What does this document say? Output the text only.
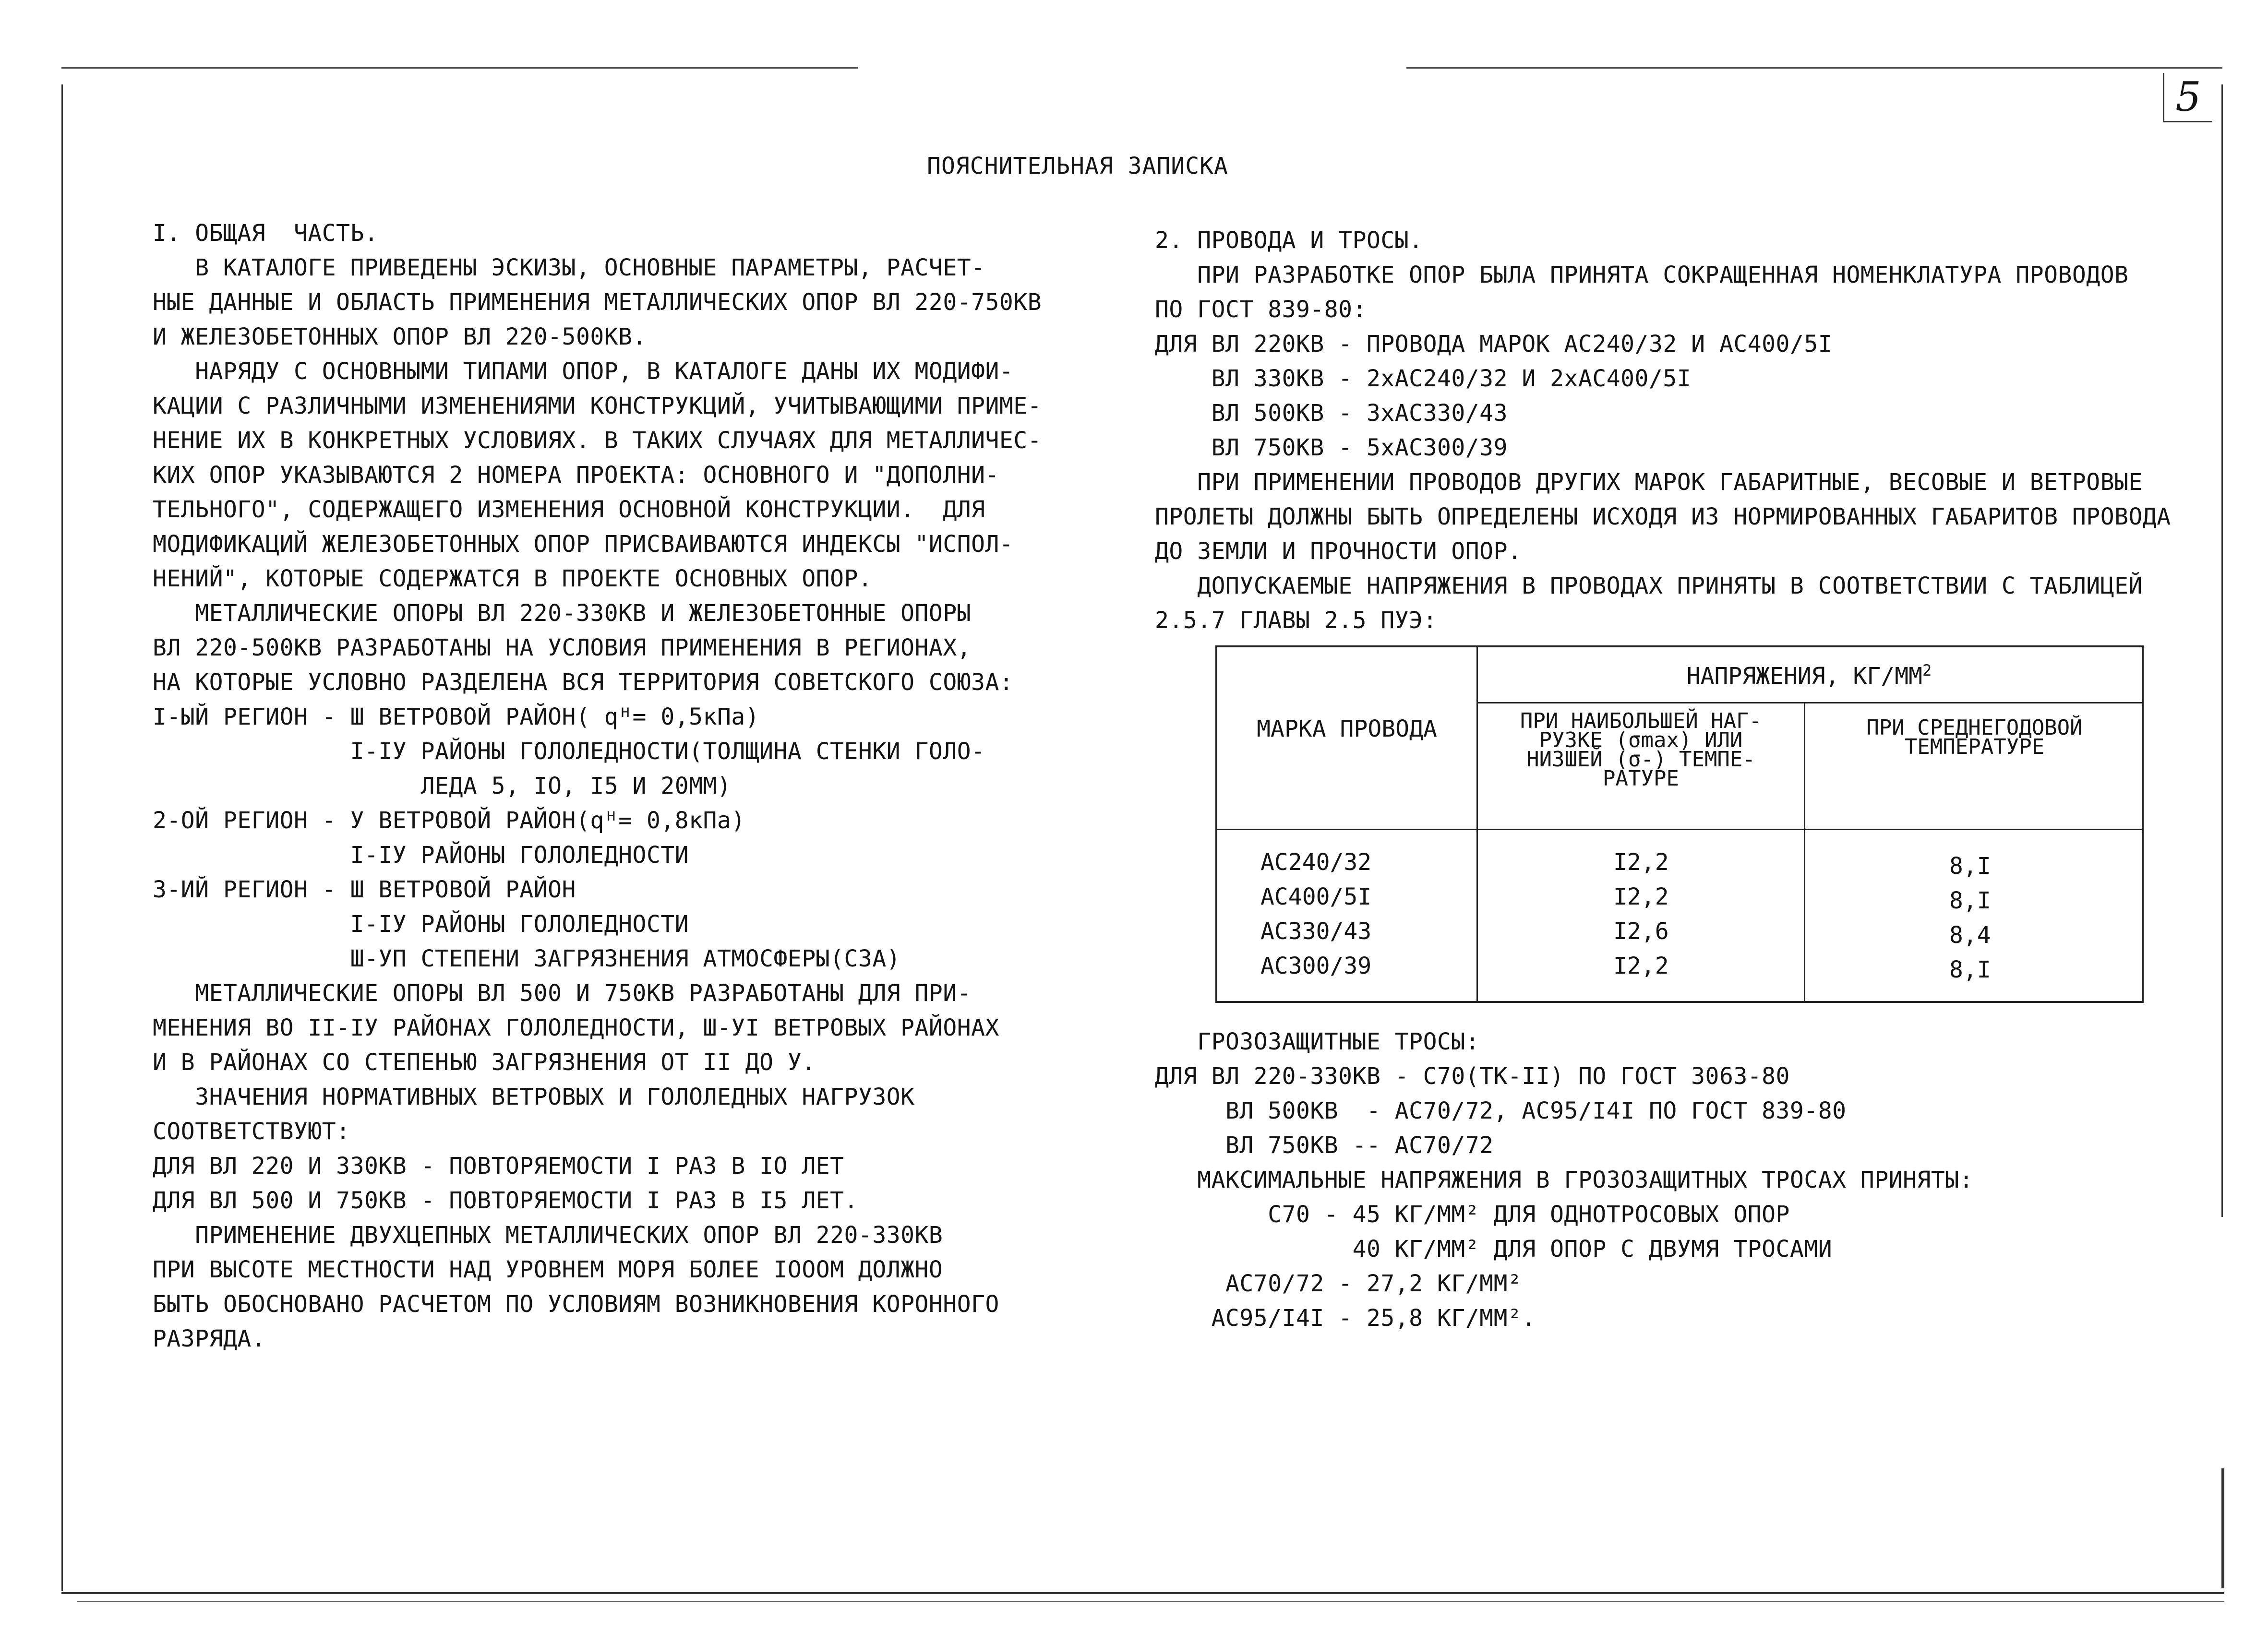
5
ПОЯСНИТЕЛЬНАЯ ЗАПИСКА
I. ОБЩАЯ  ЧАСТЬ.
В КАТАЛОГЕ ПРИВЕДЕНЫ ЭСКИЗЫ, ОСНОВНЫЕ ПАРАМЕТРЫ, РАСЧЕТ-
НЫЕ ДАННЫЕ И ОБЛАСТЬ ПРИМЕНЕНИЯ МЕТАЛЛИЧЕСКИХ ОПОР ВЛ 220-750КВ
И ЖЕЛЕЗОБЕТОННЫХ ОПОР ВЛ 220-500КВ.
НАРЯДУ С ОСНОВНЫМИ ТИПАМИ ОПОР, В КАТАЛОГЕ ДАНЫ ИХ МОДИФИ-
КАЦИИ С РАЗЛИЧНЫМИ ИЗМЕНЕНИЯМИ КОНСТРУКЦИЙ, УЧИТЫВАЮЩИМИ ПРИМЕ-
НЕНИЕ ИХ В КОНКРЕТНЫХ УСЛОВИЯХ. В ТАКИХ СЛУЧАЯХ ДЛЯ МЕТАЛЛИЧЕС-
КИХ ОПОР УКАЗЫВАЮТСЯ 2 НОМЕРА ПРОЕКТА: ОСНОВНОГО И "ДОПОЛНИ-
ТЕЛЬНОГО", СОДЕРЖАЩЕГО ИЗМЕНЕНИЯ ОСНОВНОЙ КОНСТРУКЦИИ.  ДЛЯ
МОДИФИКАЦИЙ ЖЕЛЕЗОБЕТОННЫХ ОПОР ПРИСВАИВАЮТСЯ ИНДЕКСЫ "ИСПОЛ-
НЕНИЙ", КОТОРЫЕ СОДЕРЖАТСЯ В ПРОЕКТЕ ОСНОВНЫХ ОПОР.
МЕТАЛЛИЧЕСКИЕ ОПОРЫ ВЛ 220-330КВ И ЖЕЛЕЗОБЕТОННЫЕ ОПОРЫ
ВЛ 220-500КВ РАЗРАБОТАНЫ НА УСЛОВИЯ ПРИМЕНЕНИЯ В РЕГИОНАХ,
НА КОТОРЫЕ УСЛОВНО РАЗДЕЛЕНА ВСЯ ТЕРРИТОРИЯ СОВЕТСКОГО СОЮЗА:
I-ЫЙ РЕГИОН - Ш ВЕТРОВОЙ РАЙОН( qᴴ= 0,5кПа)
I-IУ РАЙОНЫ ГОЛОЛЕДНОСТИ(ТОЛЩИНА СТЕНКИ ГОЛО-
ЛЕДА 5, IO, I5 И 20ММ)
2-ОЙ РЕГИОН - У ВЕТРОВОЙ РАЙОН(qᴴ= 0,8кПа)
I-IУ РАЙОНЫ ГОЛОЛЕДНОСТИ
3-ИЙ РЕГИОН - Ш ВЕТРОВОЙ РАЙОН
I-IУ РАЙОНЫ ГОЛОЛЕДНОСТИ
Ш-УП СТЕПЕНИ ЗАГРЯЗНЕНИЯ АТМОСФЕРЫ(СЗА)
МЕТАЛЛИЧЕСКИЕ ОПОРЫ ВЛ 500 И 750КВ РАЗРАБОТАНЫ ДЛЯ ПРИ-
МЕНЕНИЯ ВО II-IУ РАЙОНАХ ГОЛОЛЕДНОСТИ, Ш-УI ВЕТРОВЫХ РАЙОНАХ
И В РАЙОНАХ СО СТЕПЕНЬЮ ЗАГРЯЗНЕНИЯ ОТ II ДО У.
ЗНАЧЕНИЯ НОРМАТИВНЫХ ВЕТРОВЫХ И ГОЛОЛЕДНЫХ НАГРУЗОК
СООТВЕТСТВУЮТ:
ДЛЯ ВЛ 220 И 330КВ - ПОВТОРЯЕМОСТИ I РАЗ В IO ЛЕТ
ДЛЯ ВЛ 500 И 750КВ - ПОВТОРЯЕМОСТИ I РАЗ В I5 ЛЕТ.
ПРИМЕНЕНИЕ ДВУХЦЕПНЫХ МЕТАЛЛИЧЕСКИХ ОПОР ВЛ 220-330КВ
ПРИ ВЫСОТЕ МЕСТНОСТИ НАД УРОВНЕМ МОРЯ БОЛЕЕ IOOOМ ДОЛЖНО
БЫТЬ ОБОСНОВАНО РАСЧЕТОМ ПО УСЛОВИЯМ ВОЗНИКНОВЕНИЯ КОРОННОГО
РАЗРЯДА.
2. ПРОВОДА И ТРОСЫ.
ПРИ РАЗРАБОТКЕ ОПОР БЫЛА ПРИНЯТА СОКРАЩЕННАЯ НОМЕНКЛАТУРА ПРОВОДОВ
ПО ГОСТ 839-80:
ДЛЯ ВЛ 220КВ - ПРОВОДА МАРОК АС240/32 И АС400/5I
ВЛ 330КВ - 2хАС240/32 И 2хАС400/5I
ВЛ 500КВ - 3хАС330/43
ВЛ 750КВ - 5хАС300/39
ПРИ ПРИМЕНЕНИИ ПРОВОДОВ ДРУГИХ МАРОК ГАБАРИТНЫЕ, ВЕСОВЫЕ И ВЕТРОВЫЕ
ПРОЛЕТЫ ДОЛЖНЫ БЫТЬ ОПРЕДЕЛЕНЫ ИСХОДЯ ИЗ НОРМИРОВАННЫХ ГАБАРИТОВ ПРОВОДА
ДО ЗЕМЛИ И ПРОЧНОСТИ ОПОР.
ДОПУСКАЕМЫЕ НАПРЯЖЕНИЯ В ПРОВОДАХ ПРИНЯТЫ В СООТВЕТСТВИИ С ТАБЛИЦЕЙ
2.5.7 ГЛАВЫ 2.5 ПУЭ:
МАРКА ПРОВОДА
НАПРЯЖЕНИЯ, $КГ/ММ^2$
ПРИ НАИБОЛЬШЕЙ НАГ-
РУЗКЕ (σmax) ИЛИ
НИЗШЕЙ (σ-) ТЕМПЕ-
РАТУРЕ
ПРИ СРЕДНЕГОДОВОЙ
ТЕМПЕРАТУРЕ
АС240/32	I2,2	8,I
АС400/5I	I2,2	8,I
АС330/43	I2,6	8,4
АС300/39	I2,2	8,I
ГРОЗОЗАЩИТНЫЕ ТРОСЫ:
ДЛЯ ВЛ 220-330КВ - С70(ТК-II) ПО ГОСТ 3063-80
ВЛ 500КВ  - АС70/72, АС95/I4I ПО ГОСТ 839-80
ВЛ 750КВ -- АС70/72
МАКСИМАЛЬНЫЕ НАПРЯЖЕНИЯ В ГРОЗОЗАЩИТНЫХ ТРОСАХ ПРИНЯТЫ:
С70 - 45 КГ/ММ² ДЛЯ ОДНОТРОСОВЫХ ОПОР
40 КГ/ММ² ДЛЯ ОПОР С ДВУМЯ ТРОСАМИ
АС70/72 - 27,2 КГ/ММ²
АС95/I4I - 25,8 КГ/ММ².
